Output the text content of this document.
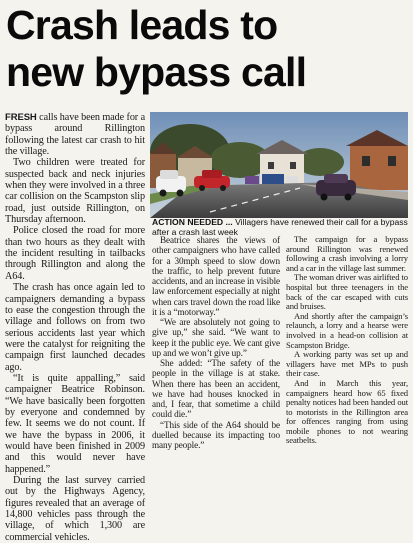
Crash leads to
new bypass call

FRESH calls have been made for a bypass around Rillington following the latest car crash to hit the village.

Two children were treated for suspected back and neck injuries when they were involved in a three car collision on the Scampston slip road, just outside Rillington, on Thursday afternoon.

Police closed the road for more than two hours as they dealt with the incident resulting in tailbacks through Rillington and along the A64.

The crash has once again led to campaigners demanding a bypass to ease the congestion through the village and follows on from two serious accidents last year which were the catalyst for reigniting the campaign first launched decades ago.

“It is quite appalling,” said campaigner Beatrice Robinson. “We have basically been forgotten by everyone and condemned by few. It seems we do not count. If we have the bypass in 2006, it would have been finished in 2009 and this would never have happened.”

During the last survey carried out by the Highways Agency, figures revealed that an average of 14,800 vehicles pass through the village, of which 1,300 are commercial vehicles.

ACTION NEEDED ... Villagers have renewed their call for a bypass after a crash last week

Beatrice shares the views of other campaigners who have called for a 30mph speed to slow down the traffic, to help prevent future accidents, and an increase in visible law enforcement especially at night when cars travel down the road like it is a “motorway.”

“We are absolutely not going to give up,” she said. “We want to keep it the public eye. We cant give up and we won’t give up.”

She added: “The safety of the people in the village is at stake. When there has been an accident, we have had houses knocked in and, I fear, that sometime a child could die.”

“This side of the A64 should be duelled because its impacting too many people.”

The campaign for a bypass around Rillington was renewed following a crash involving a lorry and a car in the village last summer.

The woman driver was airlifted to hospital but three teenagers in the back of the car escaped with cuts and bruises.

And shortly after the campaign’s relaunch, a lorry and a hearse were involved in a head-on collision at Scampston Bridge.

A working party was set up and villagers have met MPs to push their case.

And in March this year, campaigners heard how 65 fixed penalty notices had been handed out to motorists in the Rillington area for offences ranging from using mobile phones to not wearing seatbelts.
